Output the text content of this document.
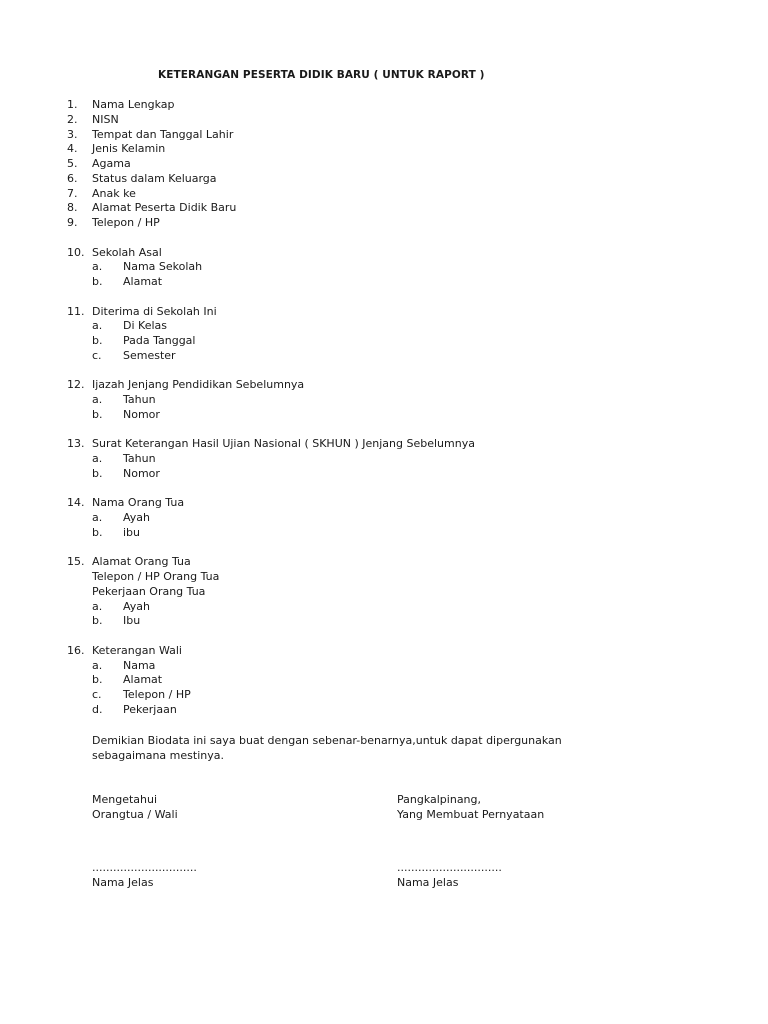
KETERANGAN PESERTA DIDIK BARU ( UNTUK RAPORT )
1. Nama Lengkap
2. NISN
3. Tempat dan Tanggal Lahir
4. Jenis Kelamin
5. Agama
6. Status dalam Keluarga
7. Anak ke
8. Alamat Peserta Didik Baru
9. Telepon / HP
10. Sekolah Asal
a. Nama Sekolah
b. Alamat
11. Diterima di Sekolah Ini
a. Di Kelas
b. Pada Tanggal
c. Semester
12. Ijazah Jenjang Pendidikan Sebelumnya
a. Tahun
b. Nomor
13. Surat Keterangan Hasil Ujian Nasional ( SKHUN ) Jenjang Sebelumnya
a. Tahun
b. Nomor
14. Nama Orang Tua
a. Ayah
b. ibu
15. Alamat Orang Tua
Telepon / HP Orang Tua
Pekerjaan Orang Tua
a. Ayah
b. Ibu
16. Keterangan Wali
a. Nama
b. Alamat
c. Telepon / HP
d. Pekerjaan

Demikian Biodata ini saya buat dengan sebenar-benarnya,untuk dapat dipergunakan

sebagaimana mestinya.

Mengetahui

Orangtua / Wali

..............................

Nama Jelas

Pangkalpinang,

Yang Membuat Pernyataan

..............................

Nama Jelas
